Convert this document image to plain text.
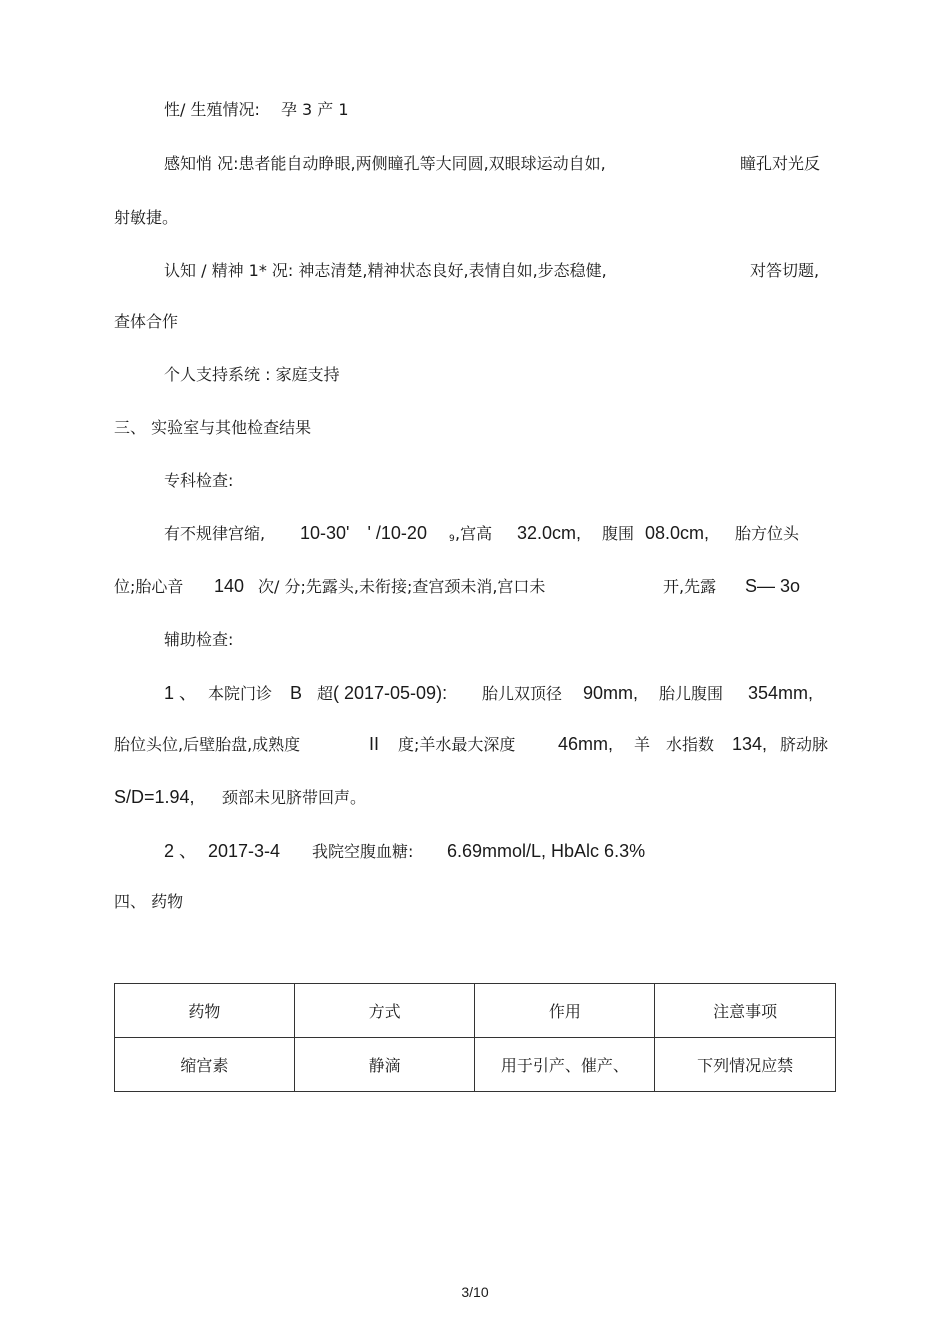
性/ 生殖情况:　 孕 3 产 1
感知悄 况:患者能自动睁眼,两侧瞳孔等大同圆,双眼球运动自如,	瞳孔对光反
射敏捷。
认知 / 精神 1* 况: 神志清楚,精神状态良好,表情自如,步态稳健,	对答切题,
查体合作
个人支持系统 : 家庭支持
三、 实验室与其他检查结果
专科检查:
有不规律宫缩, 10-30'　' /10-20 9 ,宫高 32.0cm, 腹围 08.0cm, 胎方位头
位;胎心音 140 次/ 分;先露头,未衔接;查宫颈未消,宫口未	开,先露 S— 3o
辅助检查:
1 、 本院门诊 B 超 ( 2017-05-09): 胎儿双顶径 90mm, 胎儿腹围 354mm,
胎位头位,后壁胎盘,成熟度	II 度;羊水最大深度 46mm, 羊 水指数 134, 脐动脉
S/D=1.94, 颈部未见脐带回声。
2 、 2017-3-4 我院空腹血糖: 6.69mmol/L, HbAlc 6.3%
四、 药物
药物	方式	作用	注意事项
缩宫素	静滴	用于引产、催产、	下列情况应禁
3/10
